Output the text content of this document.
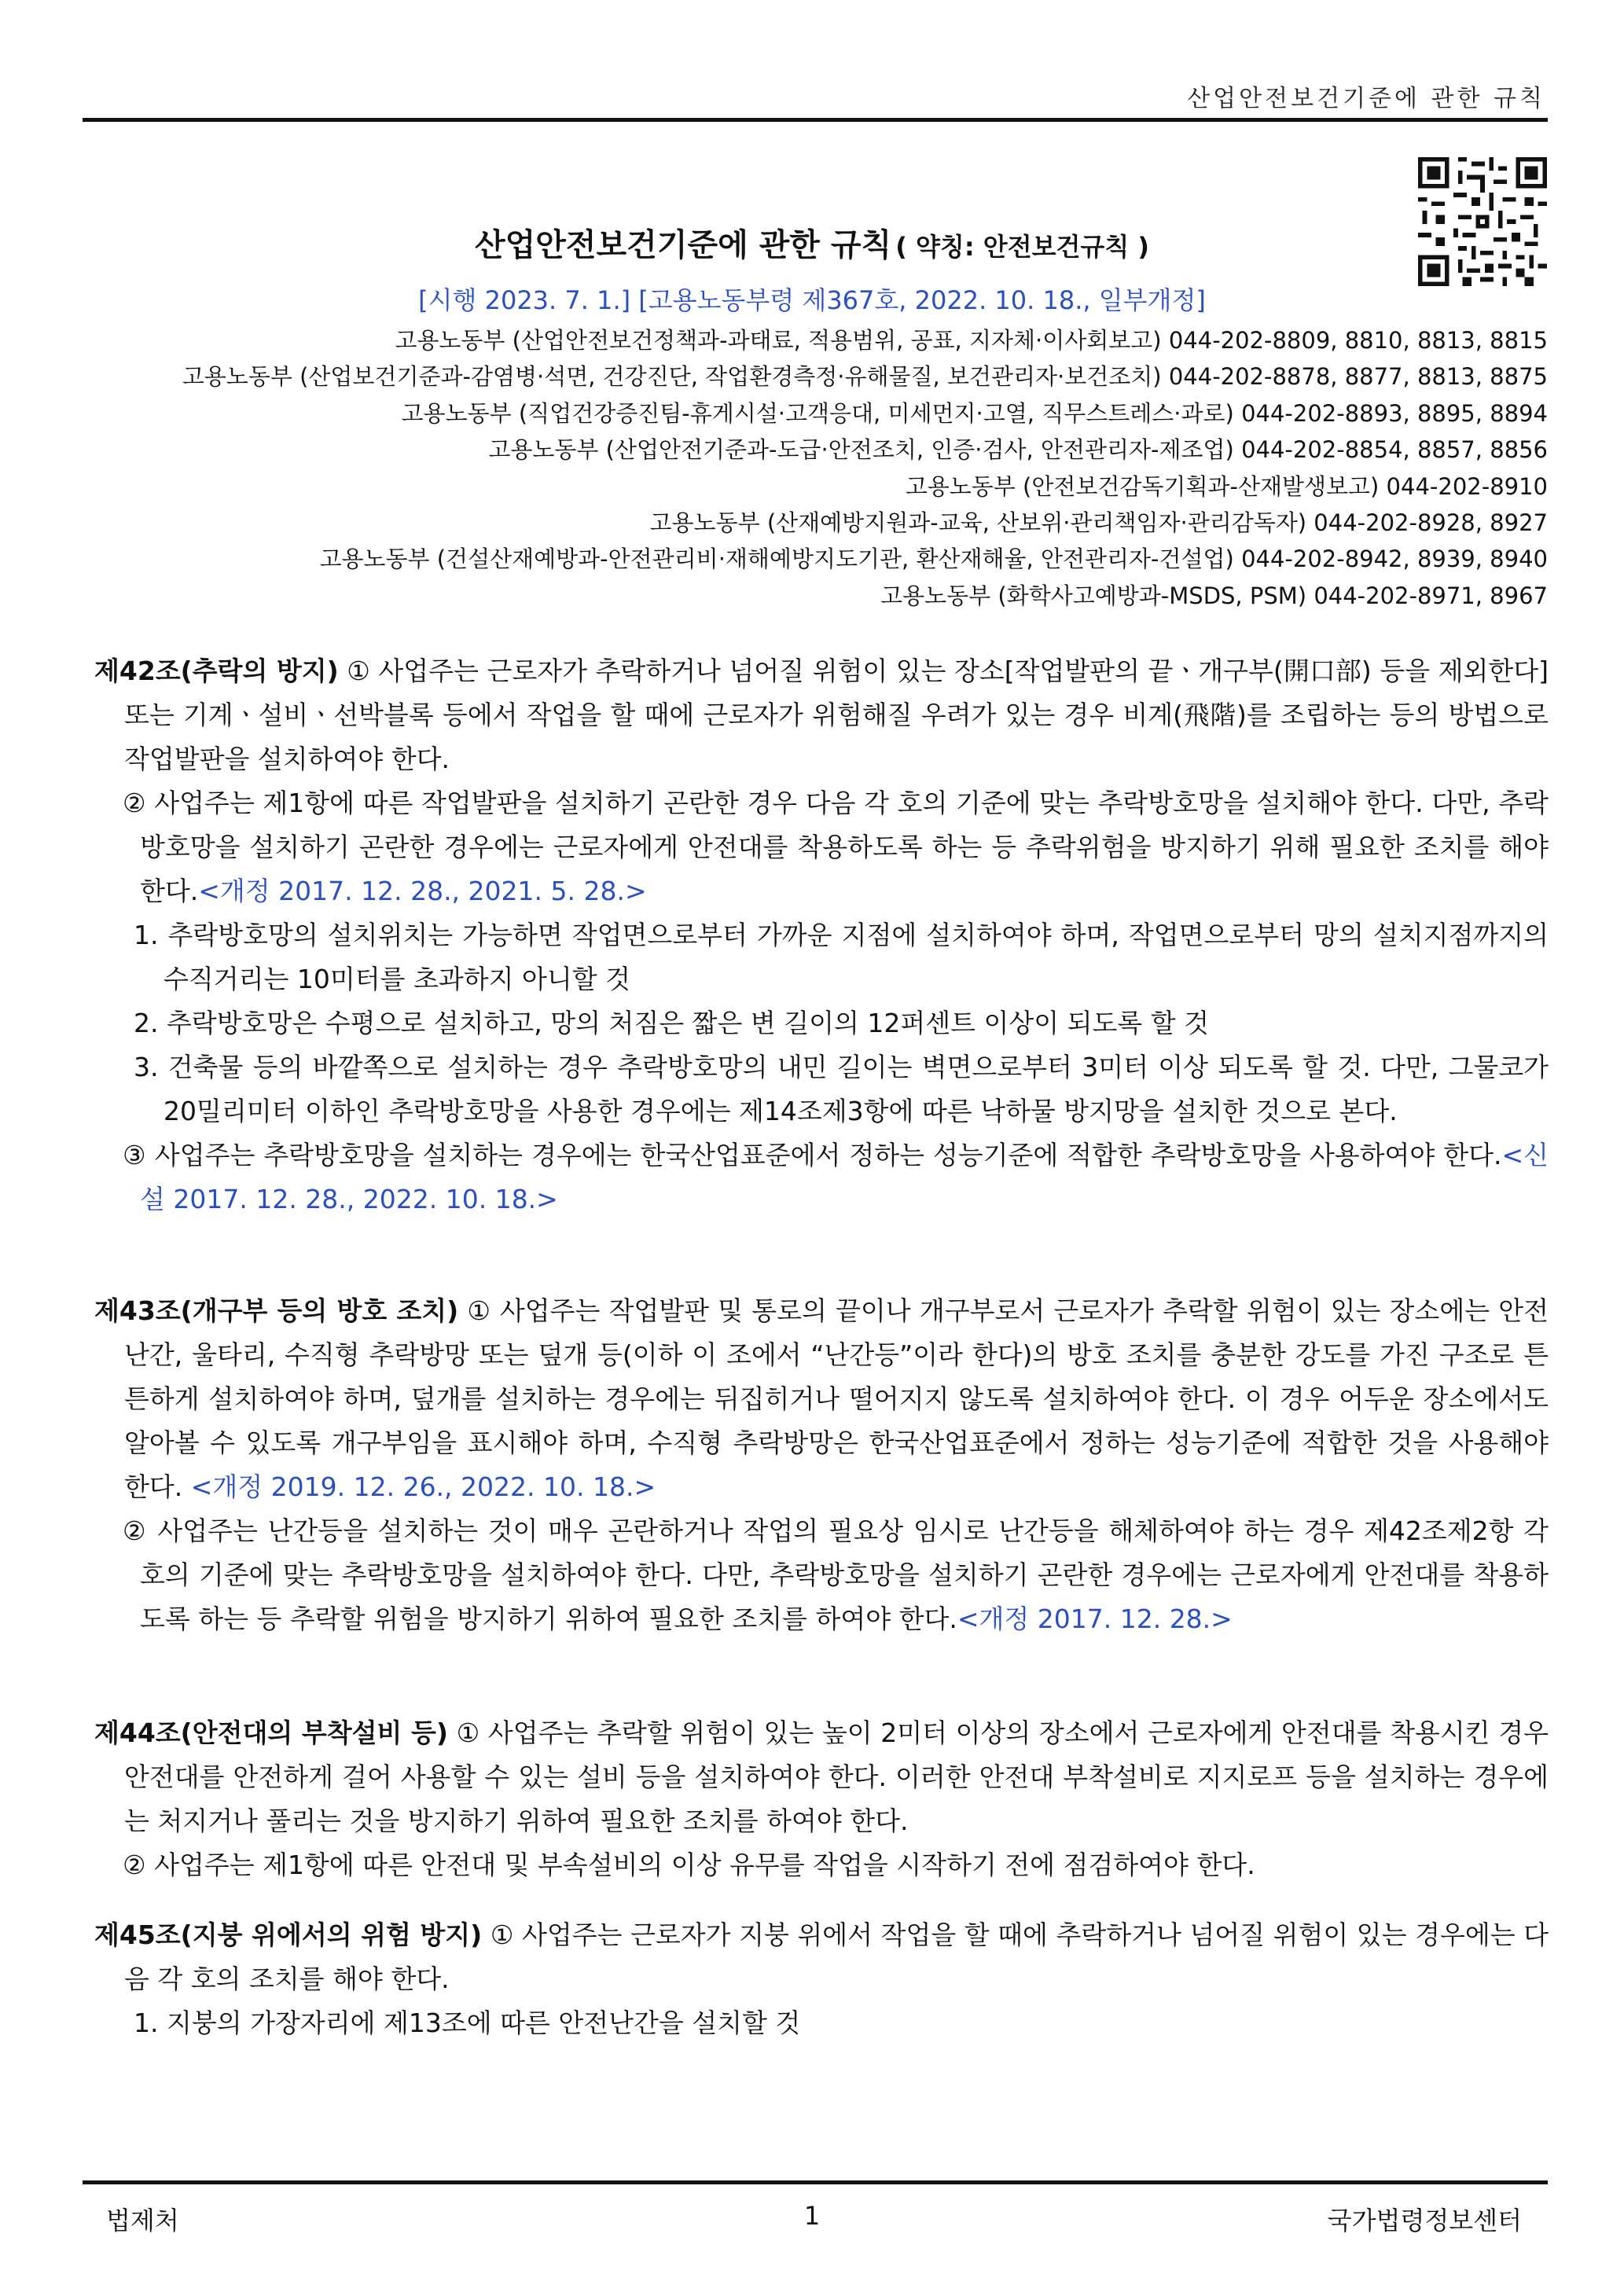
산업안전보건기준에 관한 규칙
산업안전보건기준에 관한 규칙 ( 약칭: 안전보건규칙 )
[시행 2023. 7. 1.] [고용노동부령 제367호, 2022. 10. 18., 일부개정]
고용노동부 (산업안전보건정책과-과태료, 적용범위, 공표, 지자체·이사회보고) 044-202-8809, 8810, 8813, 8815
고용노동부 (산업보건기준과-감염병·석면, 건강진단, 작업환경측정·유해물질, 보건관리자·보건조치) 044-202-8878, 8877, 8813, 8875
고용노동부 (직업건강증진팀-휴게시설·고객응대, 미세먼지·고열, 직무스트레스·과로) 044-202-8893, 8895, 8894
고용노동부 (산업안전기준과-도급·안전조치, 인증·검사, 안전관리자-제조업) 044-202-8854, 8857, 8856
고용노동부 (안전보건감독기획과-산재발생보고) 044-202-8910
고용노동부 (산재예방지원과-교육, 산보위·관리책임자·관리감독자) 044-202-8928, 8927
고용노동부 (건설산재예방과-안전관리비·재해예방지도기관, 환산재해율, 안전관리자-건설업) 044-202-8942, 8939, 8940
고용노동부 (화학사고예방과-MSDS, PSM) 044-202-8971, 8967
제42조(추락의 방지) ① 사업주는 근로자가 추락하거나 넘어질 위험이 있는 장소[작업발판의 끝ㆍ개구부(開口部) 등을 제외한다]또는 기계ㆍ설비ㆍ선박블록 등에서 작업을 할 때에 근로자가 위험해질 우려가 있는 경우 비계(飛階)를 조립하는 등의 방법으로 작업발판을 설치하여야 한다.
② 사업주는 제1항에 따른 작업발판을 설치하기 곤란한 경우 다음 각 호의 기준에 맞는 추락방호망을 설치해야 한다. 다만, 추락방호망을 설치하기 곤란한 경우에는 근로자에게 안전대를 착용하도록 하는 등 추락위험을 방지하기 위해 필요한 조치를 해야 한다.<개정 2017. 12. 28., 2021. 5. 28.>
1. 추락방호망의 설치위치는 가능하면 작업면으로부터 가까운 지점에 설치하여야 하며, 작업면으로부터 망의 설치지점까지의 수직거리는 10미터를 초과하지 아니할 것
2. 추락방호망은 수평으로 설치하고, 망의 처짐은 짧은 변 길이의 12퍼센트 이상이 되도록 할 것
3. 건축물 등의 바깥쪽으로 설치하는 경우 추락방호망의 내민 길이는 벽면으로부터 3미터 이상 되도록 할 것. 다만, 그물코가 20밀리미터 이하인 추락방호망을 사용한 경우에는 제14조제3항에 따른 낙하물 방지망을 설치한 것으로 본다.
③ 사업주는 추락방호망을 설치하는 경우에는 한국산업표준에서 정하는 성능기준에 적합한 추락방호망을 사용하여야 한다.<신설 2017. 12. 28., 2022. 10. 18.>
제43조(개구부 등의 방호 조치) ① 사업주는 작업발판 및 통로의 끝이나 개구부로서 근로자가 추락할 위험이 있는 장소에는 안전난간, 울타리, 수직형 추락방망 또는 덮개 등(이하 이 조에서 “난간등”이라 한다)의 방호 조치를 충분한 강도를 가진 구조로 튼튼하게 설치하여야 하며, 덮개를 설치하는 경우에는 뒤집히거나 떨어지지 않도록 설치하여야 한다. 이 경우 어두운 장소에서도 알아볼 수 있도록 개구부임을 표시해야 하며, 수직형 추락방망은 한국산업표준에서 정하는 성능기준에 적합한 것을 사용해야 한다. <개정 2019. 12. 26., 2022. 10. 18.>
② 사업주는 난간등을 설치하는 것이 매우 곤란하거나 작업의 필요상 임시로 난간등을 해체하여야 하는 경우 제42조제2항 각 호의 기준에 맞는 추락방호망을 설치하여야 한다. 다만, 추락방호망을 설치하기 곤란한 경우에는 근로자에게 안전대를 착용하도록 하는 등 추락할 위험을 방지하기 위하여 필요한 조치를 하여야 한다.<개정 2017. 12. 28.>
제44조(안전대의 부착설비 등) ① 사업주는 추락할 위험이 있는 높이 2미터 이상의 장소에서 근로자에게 안전대를 착용시킨 경우 안전대를 안전하게 걸어 사용할 수 있는 설비 등을 설치하여야 한다. 이러한 안전대 부착설비로 지지로프 등을 설치하는 경우에는 처지거나 풀리는 것을 방지하기 위하여 필요한 조치를 하여야 한다.
② 사업주는 제1항에 따른 안전대 및 부속설비의 이상 유무를 작업을 시작하기 전에 점검하여야 한다.
제45조(지붕 위에서의 위험 방지) ① 사업주는 근로자가 지붕 위에서 작업을 할 때에 추락하거나 넘어질 위험이 있는 경우에는 다음 각 호의 조치를 해야 한다.
1. 지붕의 가장자리에 제13조에 따른 안전난간을 설치할 것
법제처	1	국가법령정보센터
